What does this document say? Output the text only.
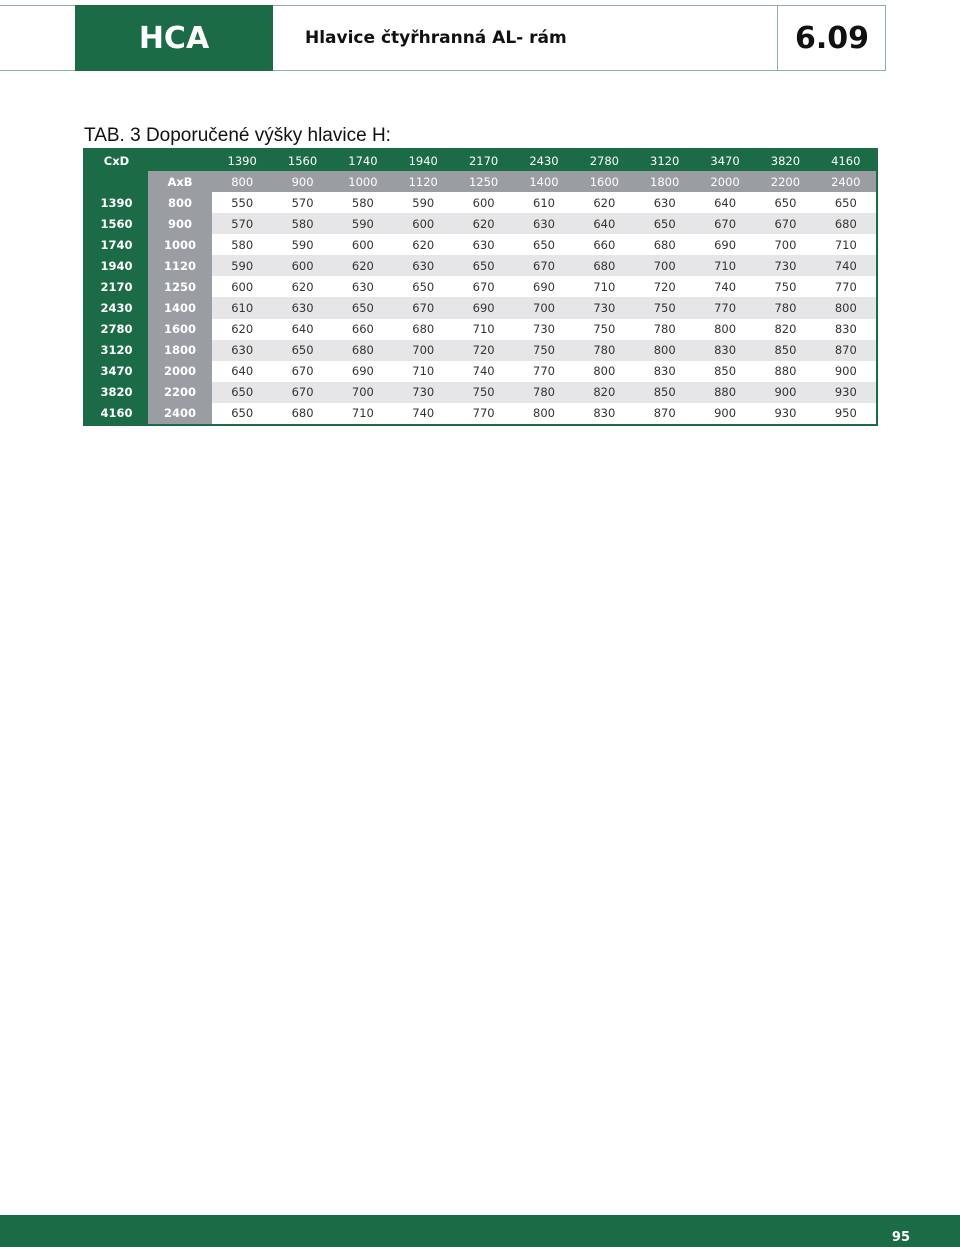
HCA	Hlavice čtyřhranná AL- rám	6.09
TAB. 3 Doporučené výšky hlavice H:
CxD		1390	1560	1740	1940	2170	2430	2780	3120	3470	3820	4160
	AxB	800	900	1000	1120	1250	1400	1600	1800	2000	2200	2400
1390	800	550	570	580	590	600	610	620	630	640	650	650
1560	900	570	580	590	600	620	630	640	650	670	670	680
1740	1000	580	590	600	620	630	650	660	680	690	700	710
1940	1120	590	600	620	630	650	670	680	700	710	730	740
2170	1250	600	620	630	650	670	690	710	720	740	750	770
2430	1400	610	630	650	670	690	700	730	750	770	780	800
2780	1600	620	640	660	680	710	730	750	780	800	820	830
3120	1800	630	650	680	700	720	750	780	800	830	850	870
3470	2000	640	670	690	710	740	770	800	830	850	880	900
3820	2200	650	670	700	730	750	780	820	850	880	900	930
4160	2400	650	680	710	740	770	800	830	870	900	930	950
95
